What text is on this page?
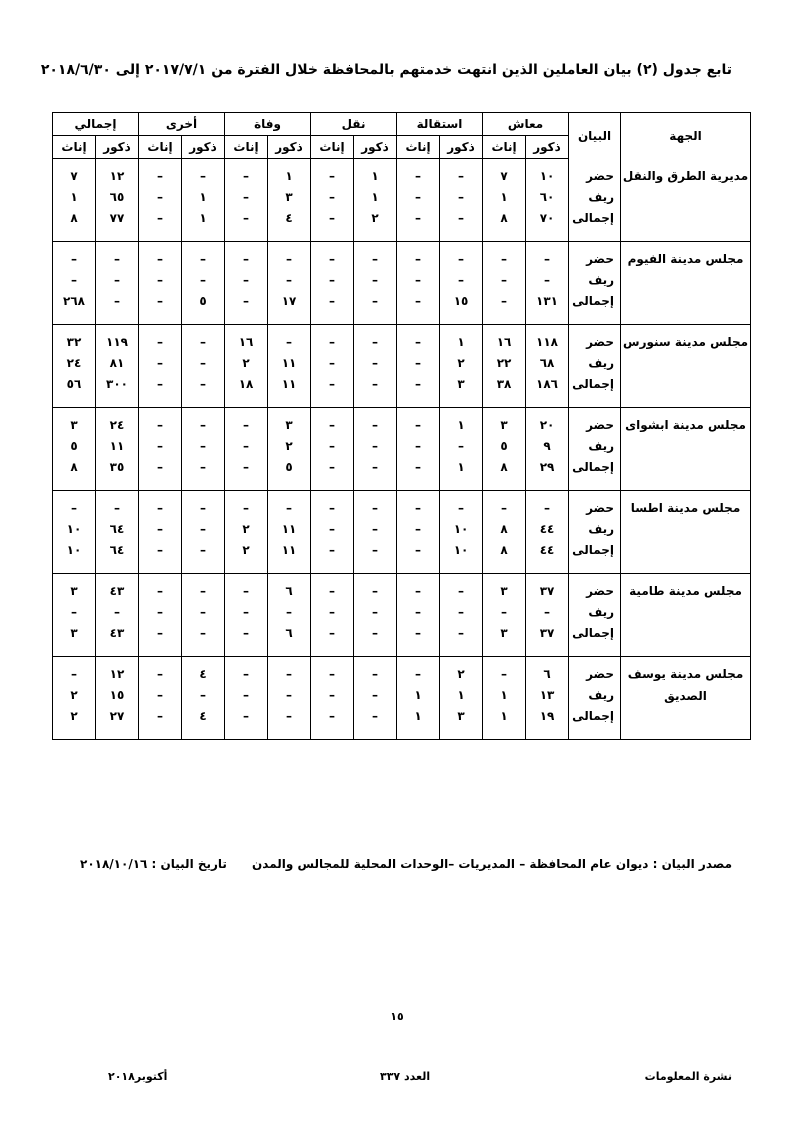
تابع جدول (٢) بيان العاملين الذين انتهت خدمتهم بالمحافظة خلال الفترة من ٢٠١٧/٧/١ إلى ٢٠١٨/٦/٣٠
الجهة	البيان	معاش		استقالة		نقل		وفاة		أخرى		إجمالي	
		ذكور	إناث	ذكور	إناث	ذكور	إناث	ذكور	إناث	ذكور	إناث	ذكور	إناث
مديرية الطرق والنقل	حضر	١٠	٧	–	–	١	–	١	–	–	–	١٢	٧
	ريف	٦٠	١	–	–	١	–	٣	–	١	–	٦٥	١
	إجمالى	٧٠	٨	–	–	٢	–	٤	–	١	–	٧٧	٨
مجلس مدينة الفيوم	حضر	–	–	–	–	–	–	–	–	–	–	–	–
	ريف	–	–	–	–	–	–	–	–	–	–	–	–
	إجمالى	١٣١	–	١٥	–	–	–	١٧	–	٥	–	–	٢٦٨
مجلس مدينة سنورس	حضر	١١٨	١٦	١	–	–	–	–	١٦	–	–	١١٩	٣٢
	ريف	٦٨	٢٢	٢	–	–	–	١١	٢	–	–	٨١	٢٤
	إجمالى	١٨٦	٣٨	٣	–	–	–	١١	١٨	–	–	٣٠٠	٥٦
مجلس مدينة ابشواى	حضر	٢٠	٣	١	–	–	–	٣	–	–	–	٢٤	٣
	ريف	٩	٥	–	–	–	–	٢	–	–	–	١١	٥
	إجمالى	٢٩	٨	١	–	–	–	٥	–	–	–	٣٥	٨
مجلس مدينة اطسا	حضر	–	–	–	–	–	–	–	–	–	–	–	–
	ريف	٤٤	٨	١٠	–	–	–	١١	٢	–	–	٦٤	١٠
	إجمالى	٤٤	٨	١٠	–	–	–	١١	٢	–	–	٦٤	١٠
مجلس مدينة طامية	حضر	٣٧	٣	–	–	–	–	٦	–	–	–	٤٣	٣
	ريف	–	–	–	–	–	–	–	–	–	–	–	–
	إجمالى	٣٧	٣	–	–	–	–	٦	–	–	–	٤٣	٣
مجلس مدينة يوسف الصديق	حضر	٦	–	٢	–	–	–	–	–	٤	–	١٢	–
	ريف	١٣	١	١	١	–	–	–	–	–	–	١٥	٢
	إجمالى	١٩	١	٣	١	–	–	–	–	٤	–	٢٧	٢
مصدر البيان : ديوان عام المحافظة – المديريات –الوحدات المحلية للمجالس والمدن
تاريخ البيان : ٢٠١٨/١٠/١٦
١٥
نشرة المعلومات
العدد ٣٣٧
أكتوبر٢٠١٨
